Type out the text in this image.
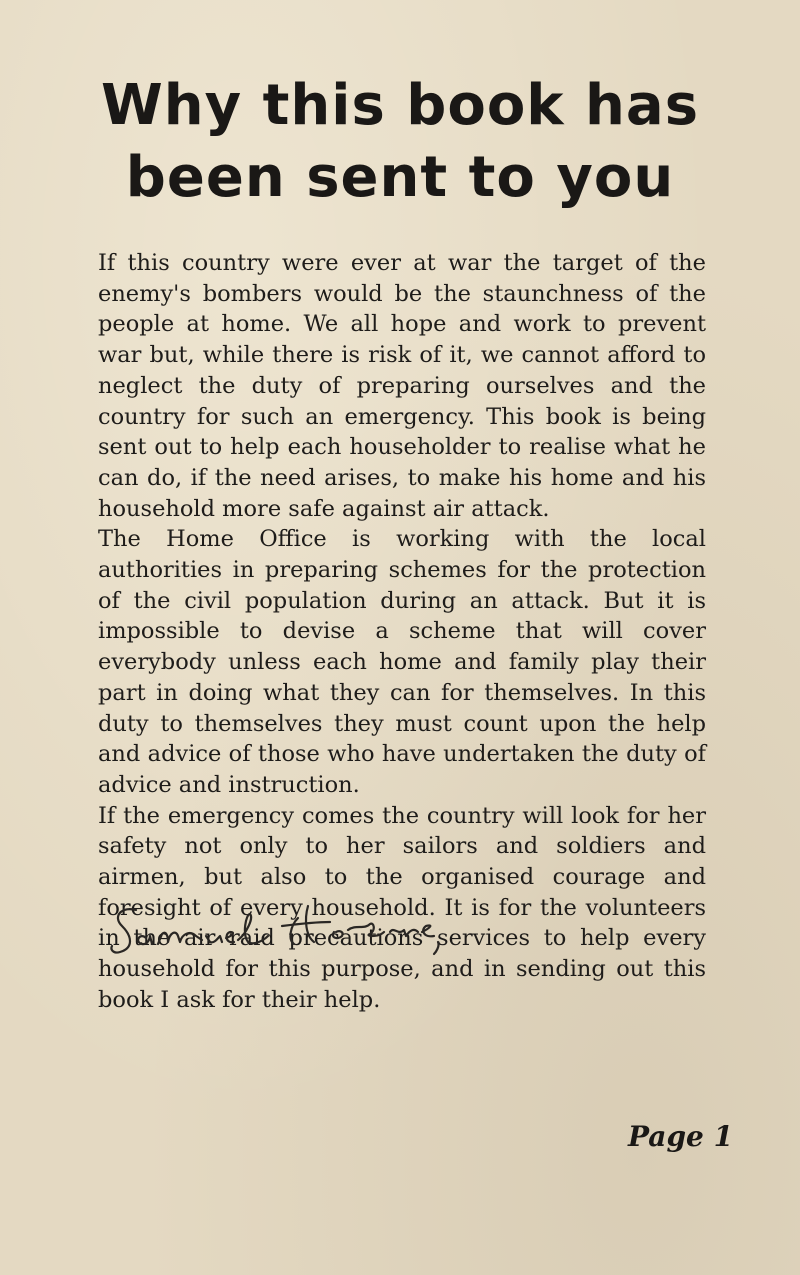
Why this book has
been sent to you

If this country were ever at war the target of the enemy's bombers would be the staunchness of the people at home. We all hope and work to prevent war but, while there is risk of it, we cannot afford to neglect the duty of preparing ourselves and the country for such an emergency. This book is being sent out to help each householder to realise what he can do, if the need arises, to make his home and his household more safe against air attack.

The Home Office is working with the local authorities in preparing schemes for the protection of the civil population during an attack. But it is impossible to devise a scheme that will cover everybody unless each home and family play their part in doing what they can for themselves. In this duty to themselves they must count upon the help and advice of those who have undertaken the duty of advice and instruction.

If the emergency comes the country will look for her safety not only to her sailors and soldiers and airmen, but also to the organised courage and foresight of every household. It is for the volunteers in the air raid precautions services to help every household for this purpose, and in sending out this book I ask for their help.

Page 1
